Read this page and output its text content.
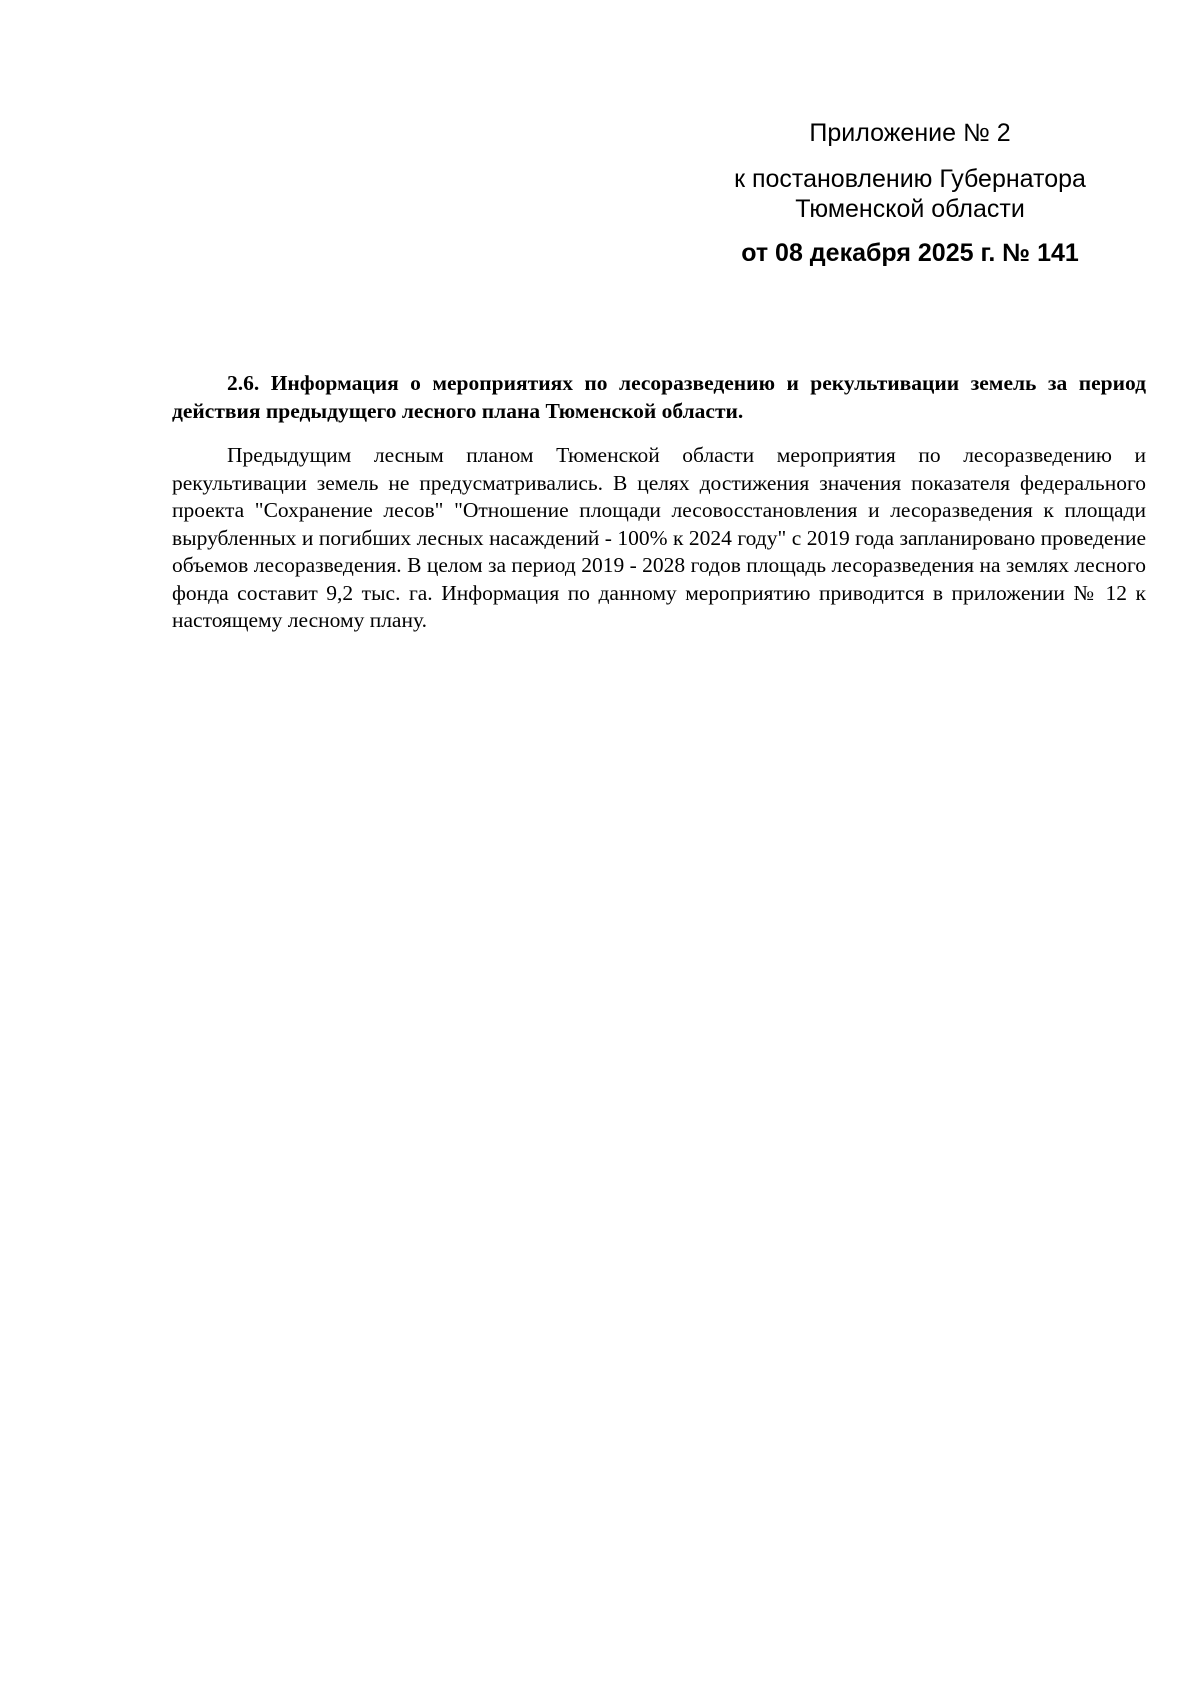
Приложение № 2
к постановлению Губернатора
Тюменской области
от 08 декабря 2025 г. № 141

2.6. Информация о мероприятиях по лесоразведению и рекультивации земель за период действия предыдущего лесного плана Тюменской области.

Предыдущим лесным планом Тюменской области мероприятия по лесоразведению и рекультивации земель не предусматривались. В целях достижения значения показателя федерального проекта "Сохранение лесов" "Отношение площади лесовосстановления и лесоразведения к площади вырубленных и погибших лесных насаждений - 100% к 2024 году" с 2019 года запланировано проведение объемов лесоразведения. В целом за период 2019 - 2028 годов площадь лесоразведения на землях лесного фонда составит 9,2 тыс. га. Информация по данному мероприятию приводится в приложении № 12 к настоящему лесному плану.
